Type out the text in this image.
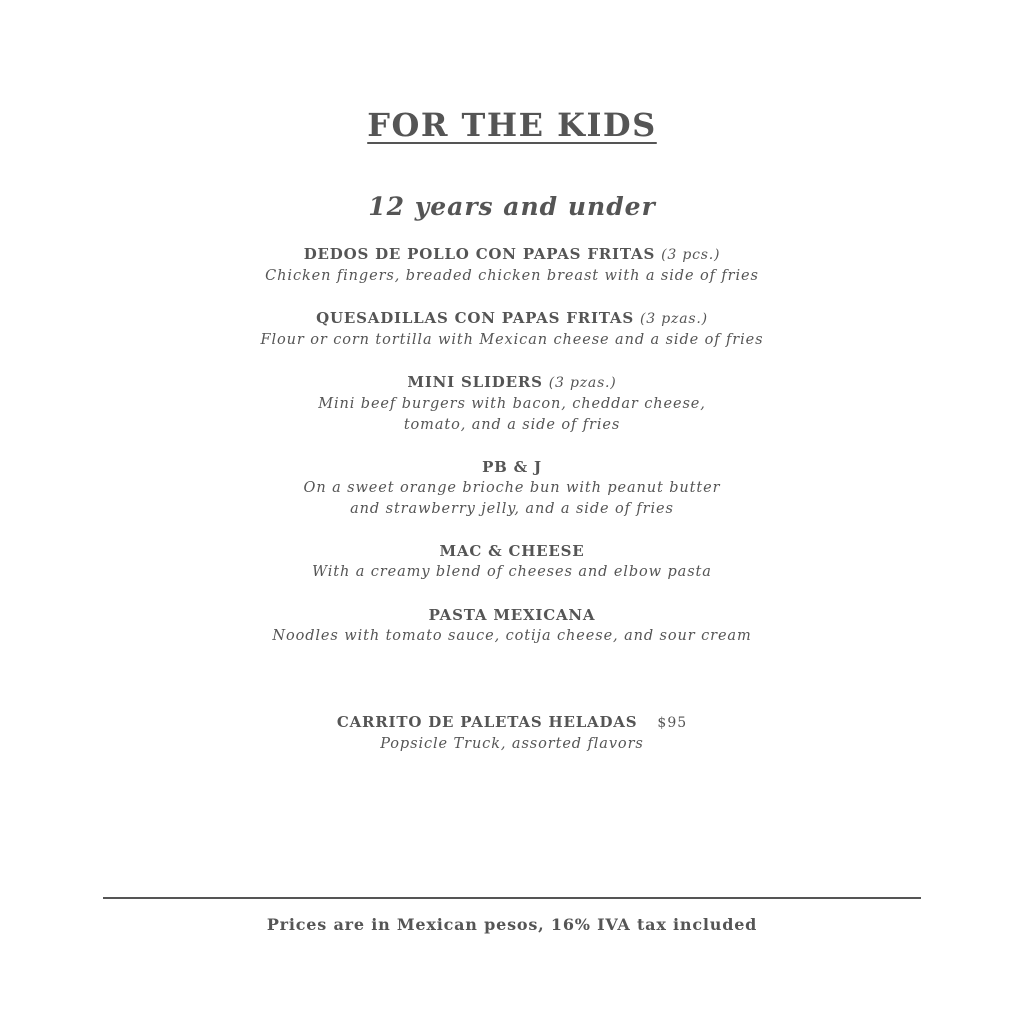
FOR THE KIDS
12 years and under
DEDOS DE POLLO CON PAPAS FRITAS (3 pcs.)
Chicken fingers, breaded chicken breast with a side of fries
QUESADILLAS CON PAPAS FRITAS (3 pzas.)
Flour or corn tortilla with Mexican cheese and a side of fries
MINI SLIDERS (3 pzas.)
Mini beef burgers with bacon, cheddar cheese,
tomato, and a side of fries
PB & J
On a sweet orange brioche bun with peanut butter
and strawberry jelly, and a side of fries
MAC & CHEESE
With a creamy blend of cheeses and elbow pasta
PASTA MEXICANA
Noodles with tomato sauce, cotija cheese, and sour cream
CARRITO DE PALETAS HELADAS $95
Popsicle Truck, assorted flavors
Prices are in Mexican pesos, 16% IVA tax included
